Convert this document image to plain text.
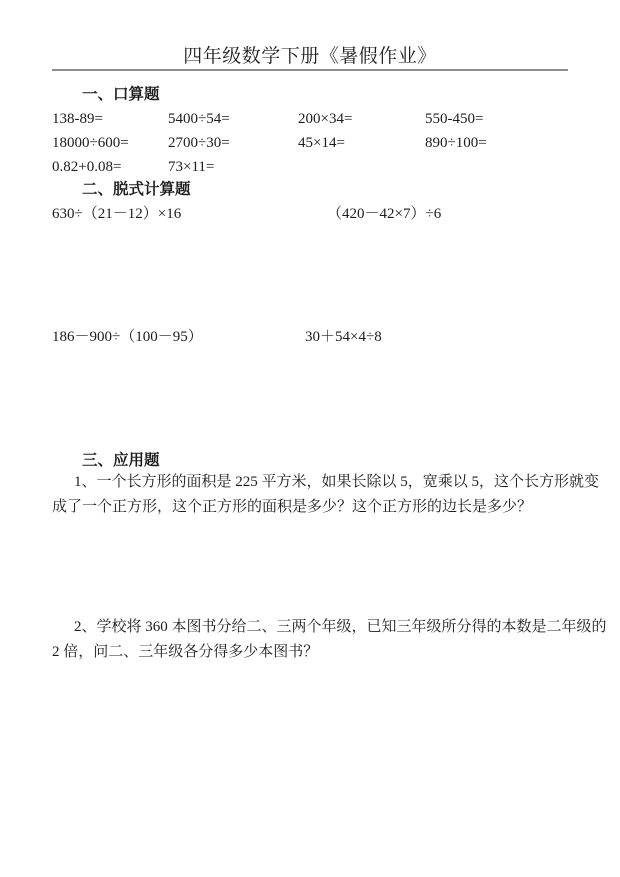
四年级数学下册《暑假作业》
一、口算题
138-89=	5400÷54=	200×34=	550-450=
18000÷600=	2700÷30=	45×14=	890÷100=
0.82+0.08=	73×11=
二、脱式计算题
630÷（21－12）×16	（420－42×7）÷6
186－900÷（100－95）	30＋54×4÷8
三、应用题
1、一个长方形的面积是 225 平方米，如果长除以 5，宽乘以 5，这个长方形就变
成了一个正方形，这个正方形的面积是多少？这个正方形的边长是多少？
2、学校将 360 本图书分给二、三两个年级，已知三年级所分得的本数是二年级的
2 倍，问二、三年级各分得多少本图书？
